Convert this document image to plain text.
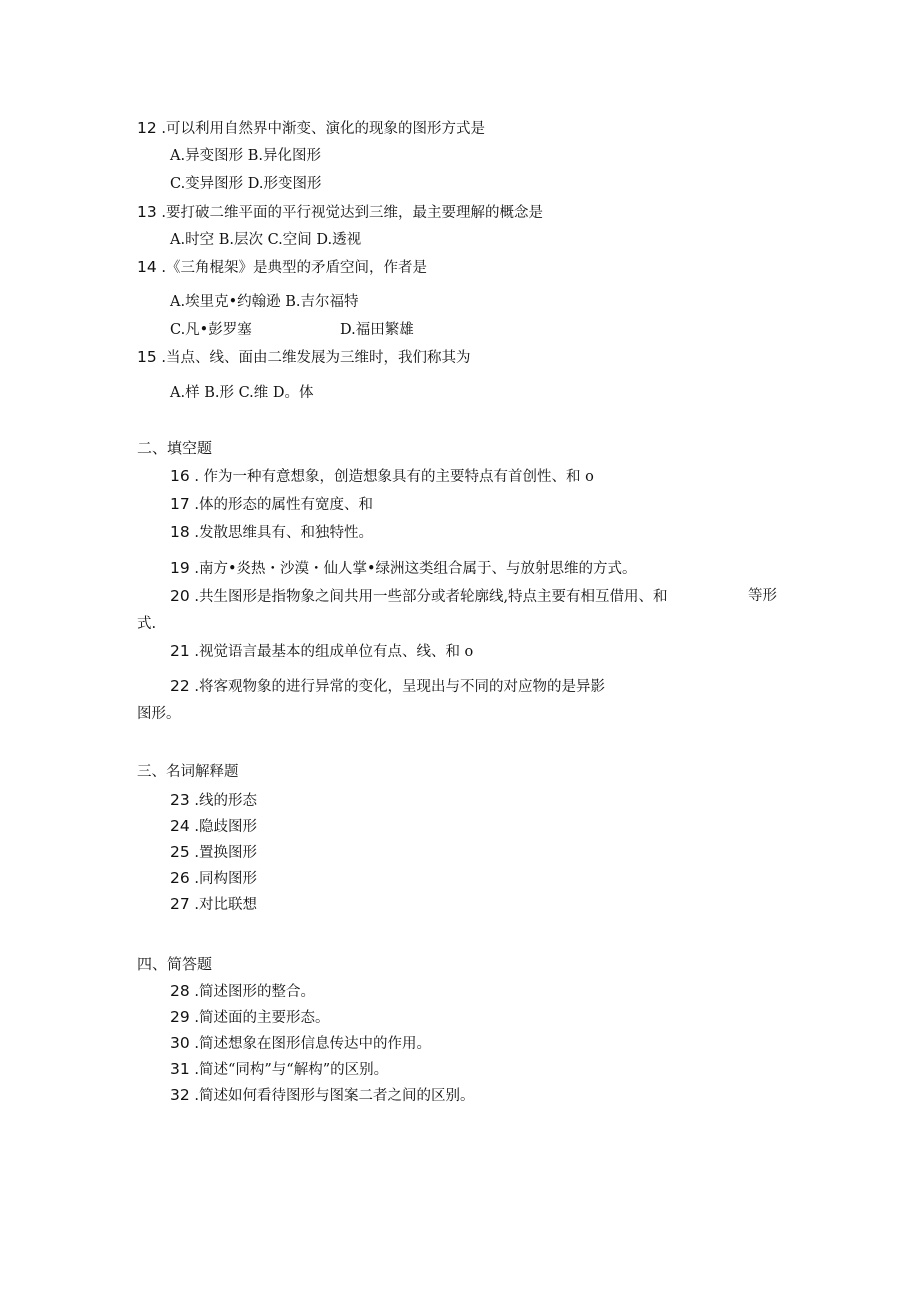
12 .可以利用自然界中渐变、演化的现象的图形方式是
A.异变图形 B.异化图形
C.变异图形 D.形变图形
13 .要打破二维平面的平行视觉达到三维，最主要理解的概念是
A.时空 B.层次 C.空间 D.透视
14 .《三角棍架》是典型的矛盾空间，作者是
A.埃里克•约翰逊 B.吉尔福特
C.凡•彭罗塞	D.福田繁雄
15 .当点、线、面由二维发展为三维时，我们称其为
A.样 B.形 C.维 D。体
二、填空题
16 . 作为一种有意想象，创造想象具有的主要特点有首创性、和 o
17 .体的形态的属性有宽度、和
18 .发散思维具有、和独特性。
19 .南方•炎热・沙漠・仙人掌•绿洲这类组合属于、与放射思维的方式。
20 .共生图形是指物象之间共用一些部分或者轮廓线,特点主要有相互借用、和	等形
式.
21 .视觉语言最基本的组成单位有点、线、和 o
22 .将客观物象的进行异常的变化，呈现出与不同的对应物的是异影
图形。
三、名词解释题
23 .线的形态
24 .隐歧图形
25 .置换图形
26 .同构图形
27 .对比联想
四、简答题
28 .简述图形的整合。
29 .简述面的主要形态。
30 .简述想象在图形信息传达中的作用。
31 .简述“同构”与“解构”的区别。
32 .简述如何看待图形与图案二者之间的区别。
